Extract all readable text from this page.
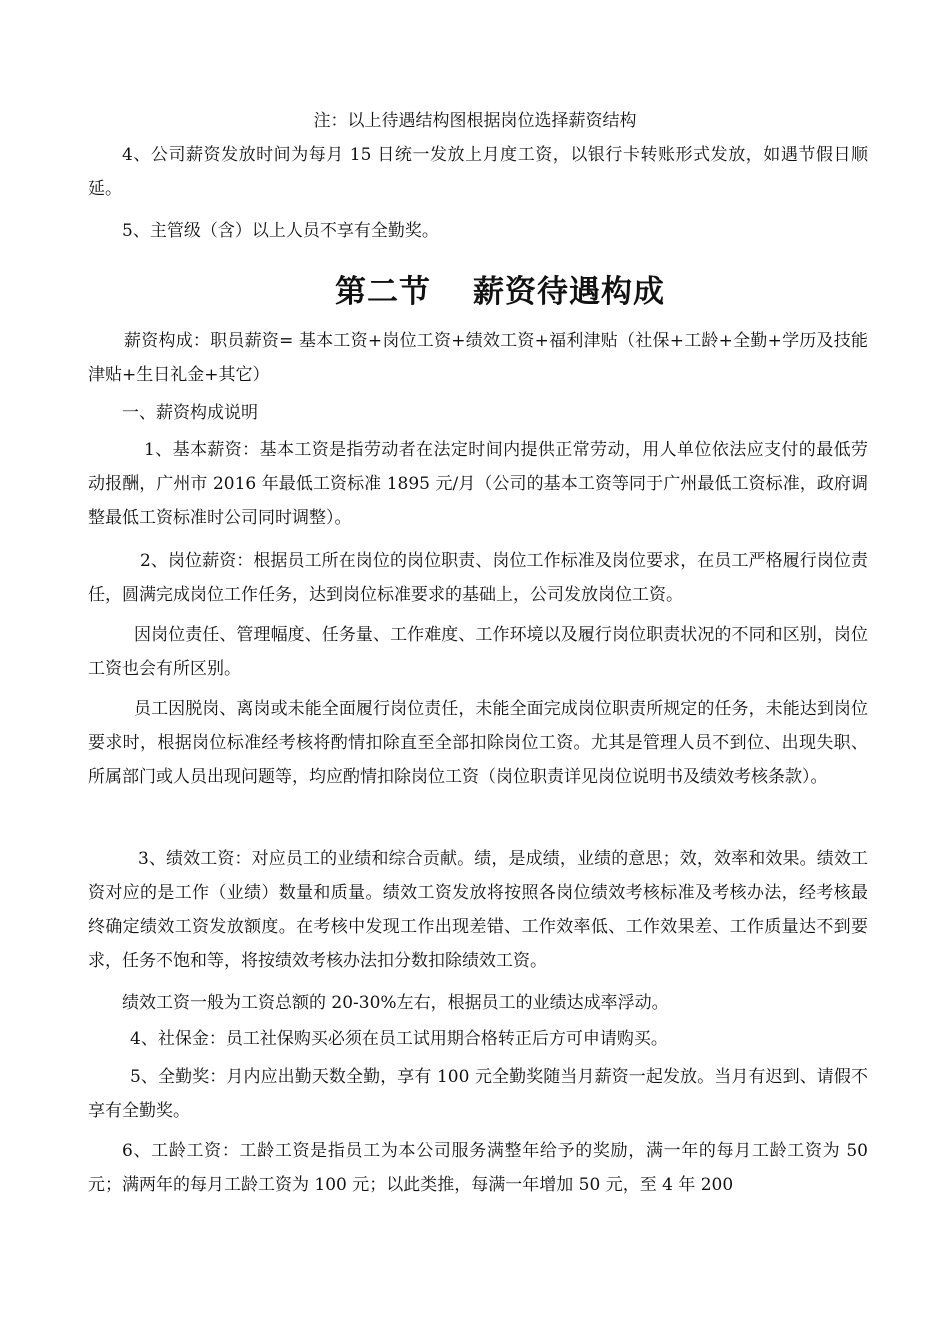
注：以上待遇结构图根据岗位选择薪资结构

4、公司薪资发放时间为每月 15 日统一发放上月度工资，以银行卡转账形式发放，如遇节假日顺延。

5、主管级（含）以上人员不享有全勤奖。

第二节 薪资待遇构成

薪资构成：职员薪资= 基本工资+岗位工资+绩效工资+福利津贴（社保+工龄+全勤+学历及技能津贴+生日礼金+其它）

一、薪资构成说明

1、基本薪资：基本工资是指劳动者在法定时间内提供正常劳动，用人单位依法应支付的最低劳动报酬，广州市 2016 年最低工资标准 1895 元/月（公司的基本工资等同于广州最低工资标准，政府调整最低工资标准时公司同时调整）。

2、岗位薪资：根据员工所在岗位的岗位职责、岗位工作标准及岗位要求，在员工严格履行岗位责任，圆满完成岗位工作任务，达到岗位标准要求的基础上，公司发放岗位工资。

因岗位责任、管理幅度、任务量、工作难度、工作环境以及履行岗位职责状况的不同和区别，岗位工资也会有所区别。

员工因脱岗、离岗或未能全面履行岗位责任，未能全面完成岗位职责所规定的任务，未能达到岗位要求时，根据岗位标准经考核将酌情扣除直至全部扣除岗位工资。尤其是管理人员不到位、出现失职、所属部门或人员出现问题等，均应酌情扣除岗位工资（岗位职责详见岗位说明书及绩效考核条款）。

3、绩效工资：对应员工的业绩和综合贡献。绩，是成绩，业绩的意思；效，效率和效果。绩效工资对应的是工作（业绩）数量和质量。绩效工资发放将按照各岗位绩效考核标准及考核办法，经考核最终确定绩效工资发放额度。在考核中发现工作出现差错、工作效率低、工作效果差、工作质量达不到要求，任务不饱和等，将按绩效考核办法扣分数扣除绩效工资。

绩效工资一般为工资总额的 20-30%左右，根据员工的业绩达成率浮动。

4、社保金：员工社保购买必须在员工试用期合格转正后方可申请购买。

5、全勤奖：月内应出勤天数全勤，享有 100 元全勤奖随当月薪资一起发放。当月有迟到、请假不享有全勤奖。

6、工龄工资：工龄工资是指员工为本公司服务满整年给予的奖励，满一年的每月工龄工资为 50 元；满两年的每月工龄工资为 100 元；以此类推，每满一年增加 50 元，至 4 年 200
